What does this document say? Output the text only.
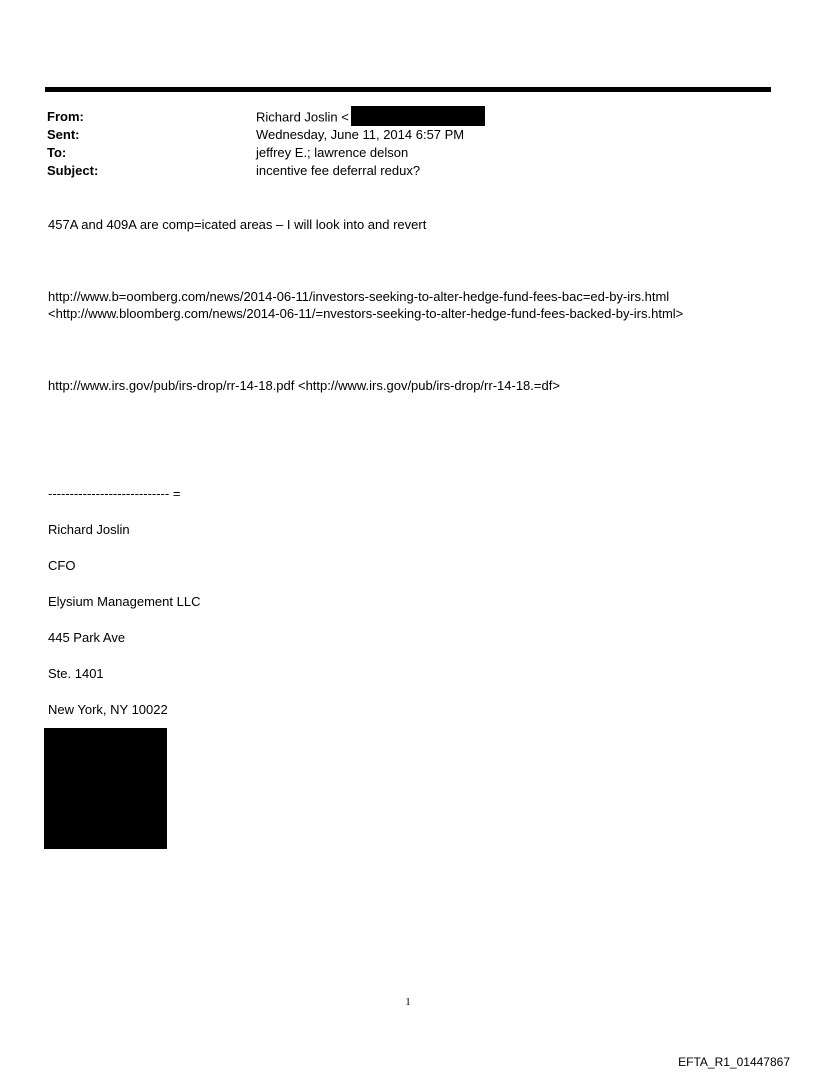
From:	Richard Joslin <
Sent:	Wednesday, June 11, 2014 6:57 PM
To:	jeffrey E.; lawrence delson
Subject:	incentive fee deferral redux?
457A and 409A are comp=icated areas – I will look into and revert
http://www.b=oomberg.com/news/2014-06-11/investors-seeking-to-alter-hedge-fund-fees-bac=ed-by-irs.html
<http://www.bloomberg.com/news/2014-06-11/=nvestors-seeking-to-alter-hedge-fund-fees-backed-by-irs.html>
http://www.irs.gov/pub/irs-drop/rr-14-18.pdf <http://www.irs.gov/pub/irs-drop/rr-14-18.=df>
---------------------------- =
Richard Joslin
CFO
Elysium Management LLC
445 Park Ave
Ste. 1401
New York, NY 10022
1
EFTA_R1_01447867
